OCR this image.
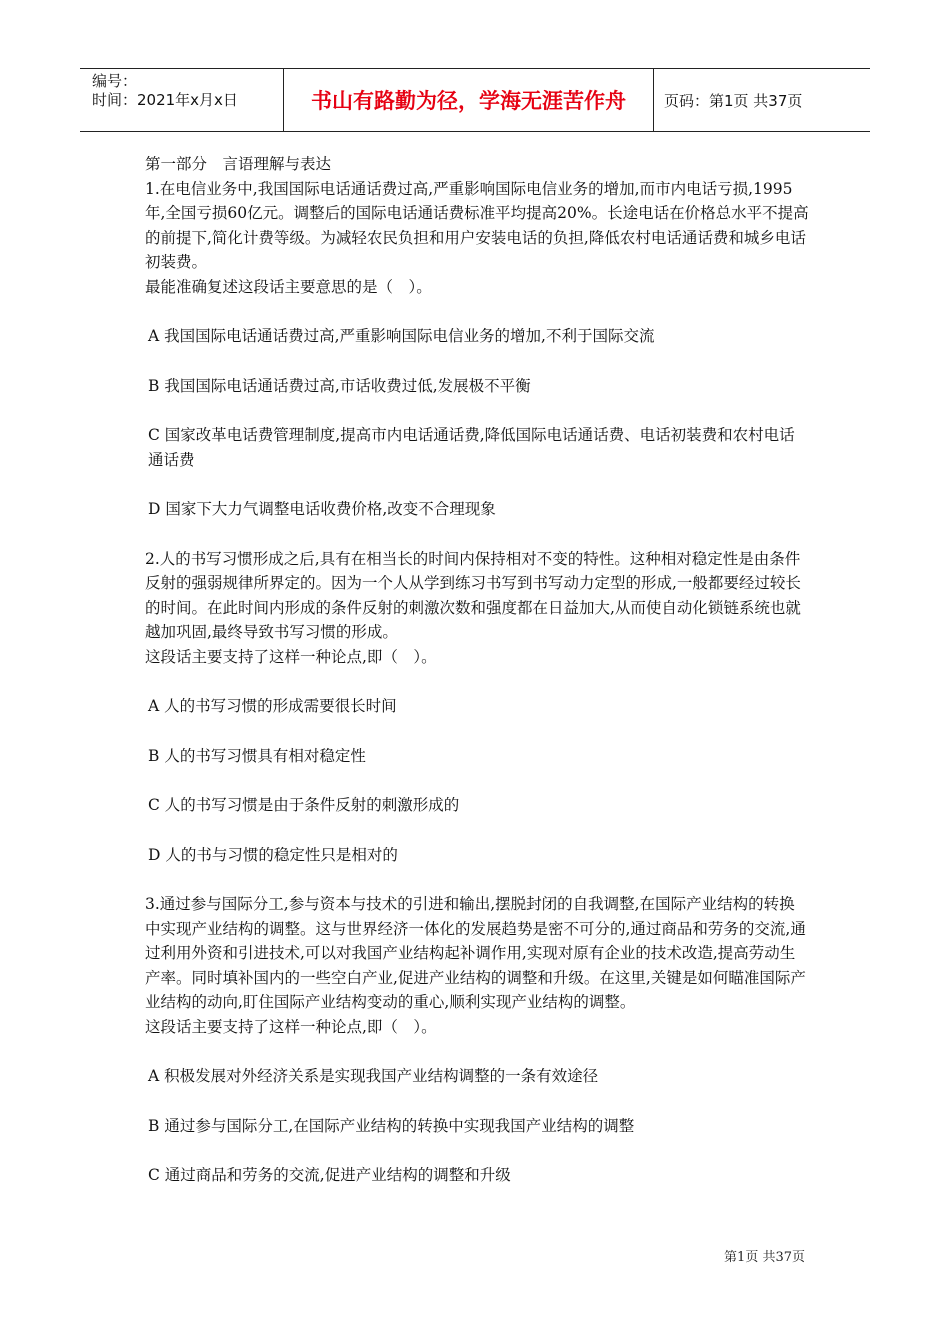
编号：
时间：2021年x月x日	书山有路勤为径，学海无涯苦作舟	页码：第1页 共37页

第一部分　言语理解与表达

1.在电信业务中,我国国际电话通话费过高,严重影响国际电信业务的增加,而市内电话亏损,1995年,全国亏损60亿元。调整后的国际电话通话费标准平均提高20%。长途电话在价格总水平不提高的前提下,简化计费等级。为减轻农民负担和用户安装电话的负担,降低农村电话通话费和城乡电话初装费。

最能准确复述这段话主要意思的是（　）。

A 我国国际电话通话费过高,严重影响国际电信业务的增加,不利于国际交流

B 我国国际电话通话费过高,市话收费过低,发展极不平衡

C 国家改革电话费管理制度,提高市内电话通话费,降低国际电话通话费、电话初装费和农村电话通话费

D 国家下大力气调整电话收费价格,改变不合理现象

2.人的书写习惯形成之后,具有在相当长的时间内保持相对不变的特性。这种相对稳定性是由条件反射的强弱规律所界定的。因为一个人从学到练习书写到书写动力定型的形成,一般都要经过较长的时间。在此时间内形成的条件反射的刺激次数和强度都在日益加大,从而使自动化锁链系统也就越加巩固,最终导致书写习惯的形成。

这段话主要支持了这样一种论点,即（　）。

A 人的书写习惯的形成需要很长时间

B 人的书写习惯具有相对稳定性

C 人的书写习惯是由于条件反射的刺激形成的

D 人的书与习惯的稳定性只是相对的

3.通过参与国际分工,参与资本与技术的引进和输出,摆脱封闭的自我调整,在国际产业结构的转换中实现产业结构的调整。这与世界经济一体化的发展趋势是密不可分的,通过商品和劳务的交流,通过利用外资和引进技术,可以对我国产业结构起补调作用,实现对原有企业的技术改造,提高劳动生产率。同时填补国内的一些空白产业,促进产业结构的调整和升级。在这里,关键是如何瞄准国际产业结构的动向,盯住国际产业结构变动的重心,顺利实现产业结构的调整。

这段话主要支持了这样一种论点,即（　）。

A 积极发展对外经济关系是实现我国产业结构调整的一条有效途径

B 通过参与国际分工,在国际产业结构的转换中实现我国产业结构的调整

C 通过商品和劳务的交流,促进产业结构的调整和升级

第1页 共37页
